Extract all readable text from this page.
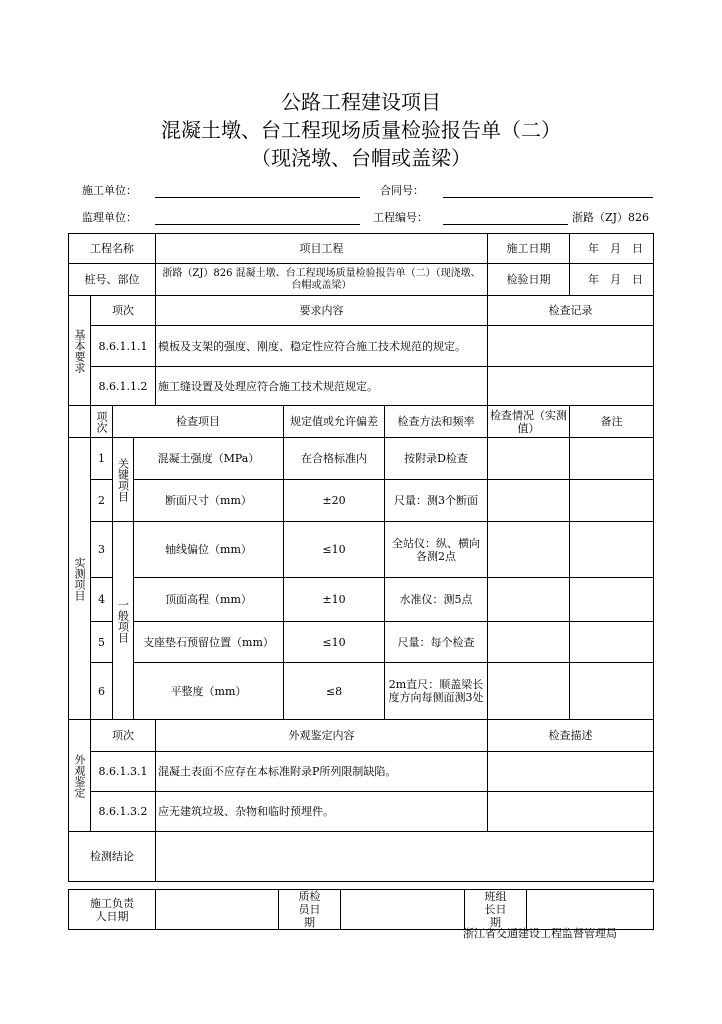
公路工程建设项目
混凝土墩、台工程现场质量检验报告单（二）
（现浇墩、台帽或盖梁）
施工单位：	合同号：
监理单位：	工程编号：	浙路（ZJ）826
工程名称				项目工程			施工日期	年　月　日
桩号、部位				浙路（ZJ）826 混凝土墩、台工程现场质量检验报告单（二）（现浇墩、台帽或盖梁）			检验日期	年　月　日

基本要求	项次			要求内容			检查记录	
	8.6.1.1.1			模板及支架的强度、刚度、稳定性应符合施工技术规范的规定。				
	8.6.1.1.2			施工缝设置及处理应符合施工技术规范规定。				

	项次	检查项目			规定值或允许偏差	检查方法和频率	检查情况（实测值）	备注

实测项目	1	关键项目	混凝土强度（MPa）		在合格标准内	按附录D检查		
	2		断面尺寸（mm）		±20	尺量：测3个断面		
	3	一般项目	轴线偏位（mm）		≤10	全站仪：纵、横向各测2点		
	4		顶面高程（mm）		±10	水准仪：测5点		
	5		支座垫石预留位置（mm）		≤10	尺量：每个检查		
	6		平整度（mm）		≤8	2m直尺：顺盖梁长度方向每侧面测3处		

外观鉴定	项次			外观鉴定内容			检查描述	
	8.6.1.3.1			混凝土表面不应存在本标准附录P所列限制缺陷。				
	8.6.1.3.2			应无建筑垃圾、杂物和临时预埋件。				
检测结论								
施工负责人日期		质检员日期		班组长日期	
浙江省交通建设工程监督管理局
